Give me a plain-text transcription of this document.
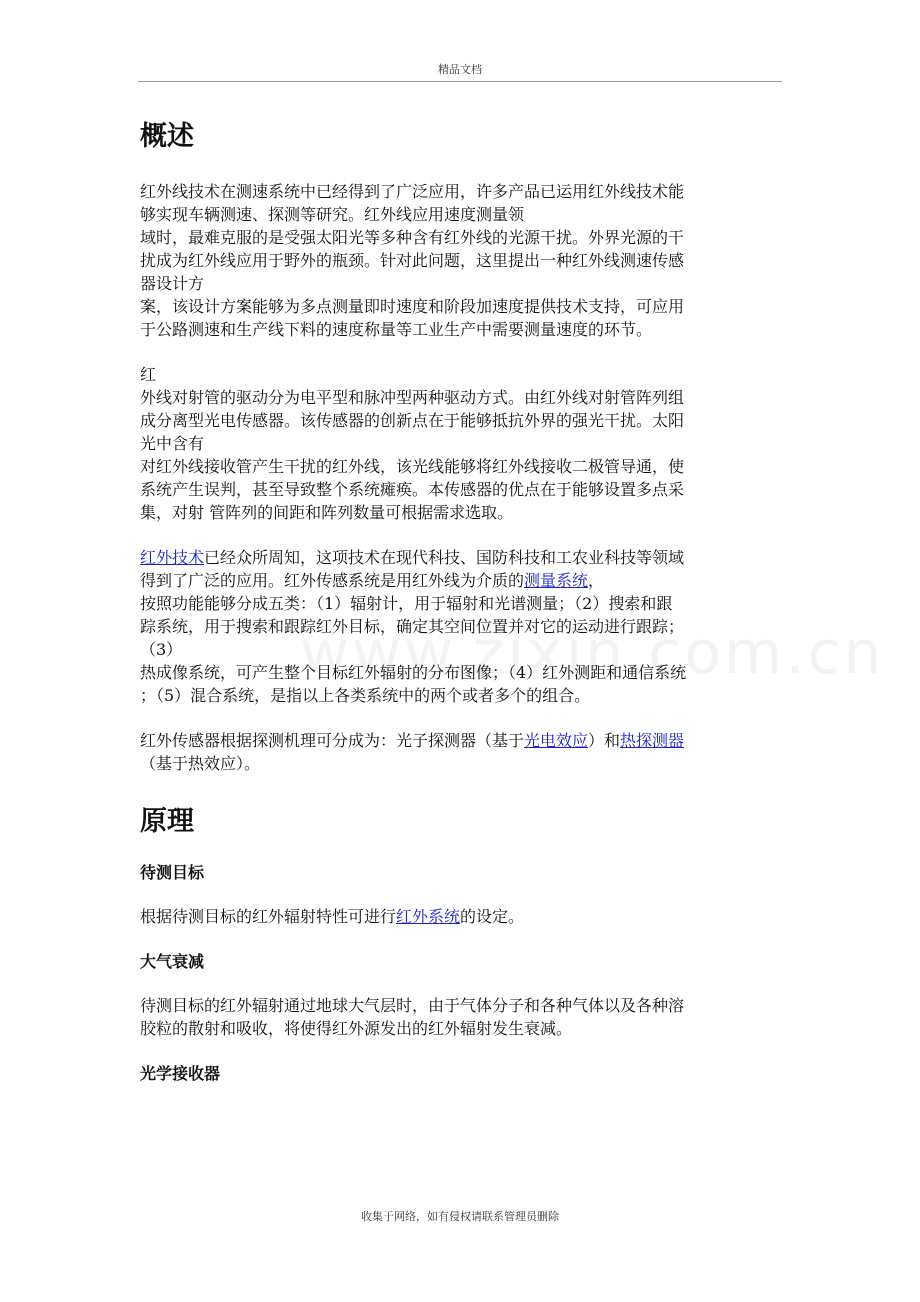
精品文档
概述
红外线技术在测速系统中已经得到了广泛应用，许多产品已运用红外线技术能
够实现车辆测速、探测等研究。红外线应用速度测量领
域时，最难克服的是受强太阳光等多种含有红外线的光源干扰。外界光源的干
扰成为红外线应用于野外的瓶颈。针对此问题，这里提出一种红外线测速传感
器设计方
案，该设计方案能够为多点测量即时速度和阶段加速度提供技术支持，可应用
于公路测速和生产线下料的速度称量等工业生产中需要测量速度的环节。
红
外线对射管的驱动分为电平型和脉冲型两种驱动方式。由红外线对射管阵列组
成分离型光电传感器。该传感器的创新点在于能够抵抗外界的强光干扰。太阳
光中含有
对红外线接收管产生干扰的红外线，该光线能够将红外线接收二极管导通，使
系统产生误判，甚至导致整个系统瘫痪。本传感器的优点在于能够设置多点采
集，对射 管阵列的间距和阵列数量可根据需求选取。
红外技术已经众所周知，这项技术在现代科技、国防科技和工农业科技等领域
得到了广泛的应用。红外传感系统是用红外线为介质的测量系统，
按照功能能够分成五类：（1）辐射计，用于辐射和光谱测量；（2）搜索和跟
踪系统，用于搜索和跟踪红外目标，确定其空间位置并对它的运动进行跟踪；
（3）
热成像系统，可产生整个目标红外辐射的分布图像；（4）红外测距和通信系统
；（5）混合系统，是指以上各类系统中的两个或者多个的组合。
红外传感器根据探测机理可分成为：光子探测器（基于光电效应）和热探测器
（基于热效应）。
原理
待测目标
根据待测目标的红外辐射特性可进行红外系统的设定。
大气衰减
待测目标的红外辐射通过地球大气层时，由于气体分子和各种气体以及各种溶
胶粒的散射和吸收，将使得红外源发出的红外辐射发生衰减。
光学接收器
收集于网络，如有侵权请联系管理员删除
